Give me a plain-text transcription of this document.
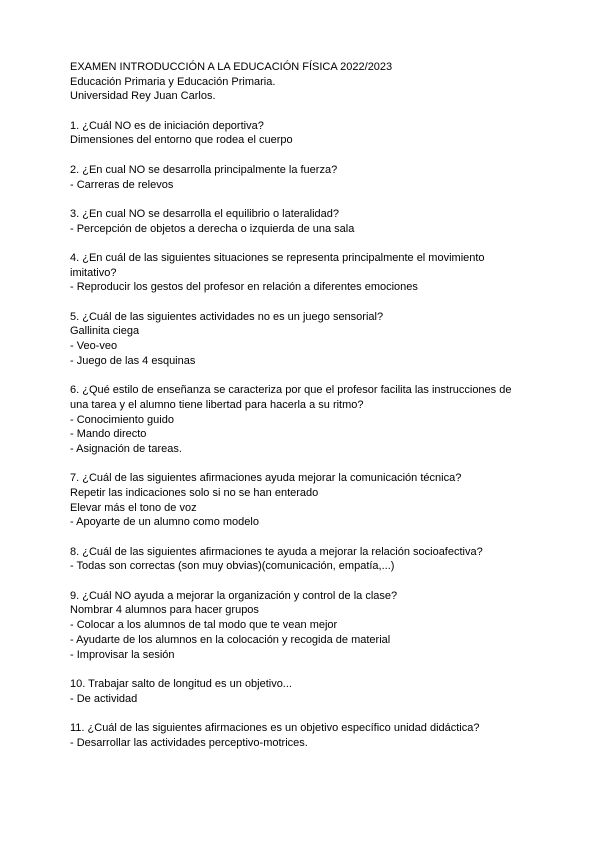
EXAMEN INTRODUCCIÓN A LA EDUCACIÓN FÍSICA 2022/2023
Educación Primaria y Educación Primaria.
Universidad Rey Juan Carlos.
1. ¿Cuál NO es de iniciación deportiva?
Dimensiones del entorno que rodea el cuerpo
2. ¿En cual NO se desarrolla principalmente la fuerza?
- Carreras de relevos
3. ¿En cual NO se desarrolla el equilibrio o lateralidad?
- Percepción de objetos a derecha o izquierda de una sala
4. ¿En cuál de las siguientes situaciones se representa principalmente el movimiento
imitativo?
- Reproducir los gestos del profesor en relación a diferentes emociones
5. ¿Cuál de las siguientes actividades no es un juego sensorial?
Gallinita ciega
- Veo-veo
- Juego de las 4 esquinas
6. ¿Qué estilo de enseñanza se caracteriza por que el profesor facilita las instrucciones de
una tarea y el alumno tiene libertad para hacerla a su ritmo?
- Conocimiento guido
- Mando directo
- Asignación de tareas.
7. ¿Cuál de las siguientes afirmaciones ayuda mejorar la comunicación técnica?
Repetir las indicaciones solo si no se han enterado
Elevar más el tono de voz
- Apoyarte de un alumno como modelo
8. ¿Cuál de las siguientes afirmaciones te ayuda a mejorar la relación socioafectiva?
- Todas son correctas (son muy obvias)(comunicación, empatía,...)
9. ¿Cuál NO ayuda a mejorar la organización y control de la clase?
Nombrar 4 alumnos para hacer grupos
- Colocar a los alumnos de tal modo que te vean mejor
- Ayudarte de los alumnos en la colocación y recogida de material
- Improvisar la sesión
10. Trabajar salto de longitud es un objetivo...
- De actividad
11. ¿Cuál de las siguientes afirmaciones es un objetivo específico unidad didáctica?
- Desarrollar las actividades perceptivo-motrices.
